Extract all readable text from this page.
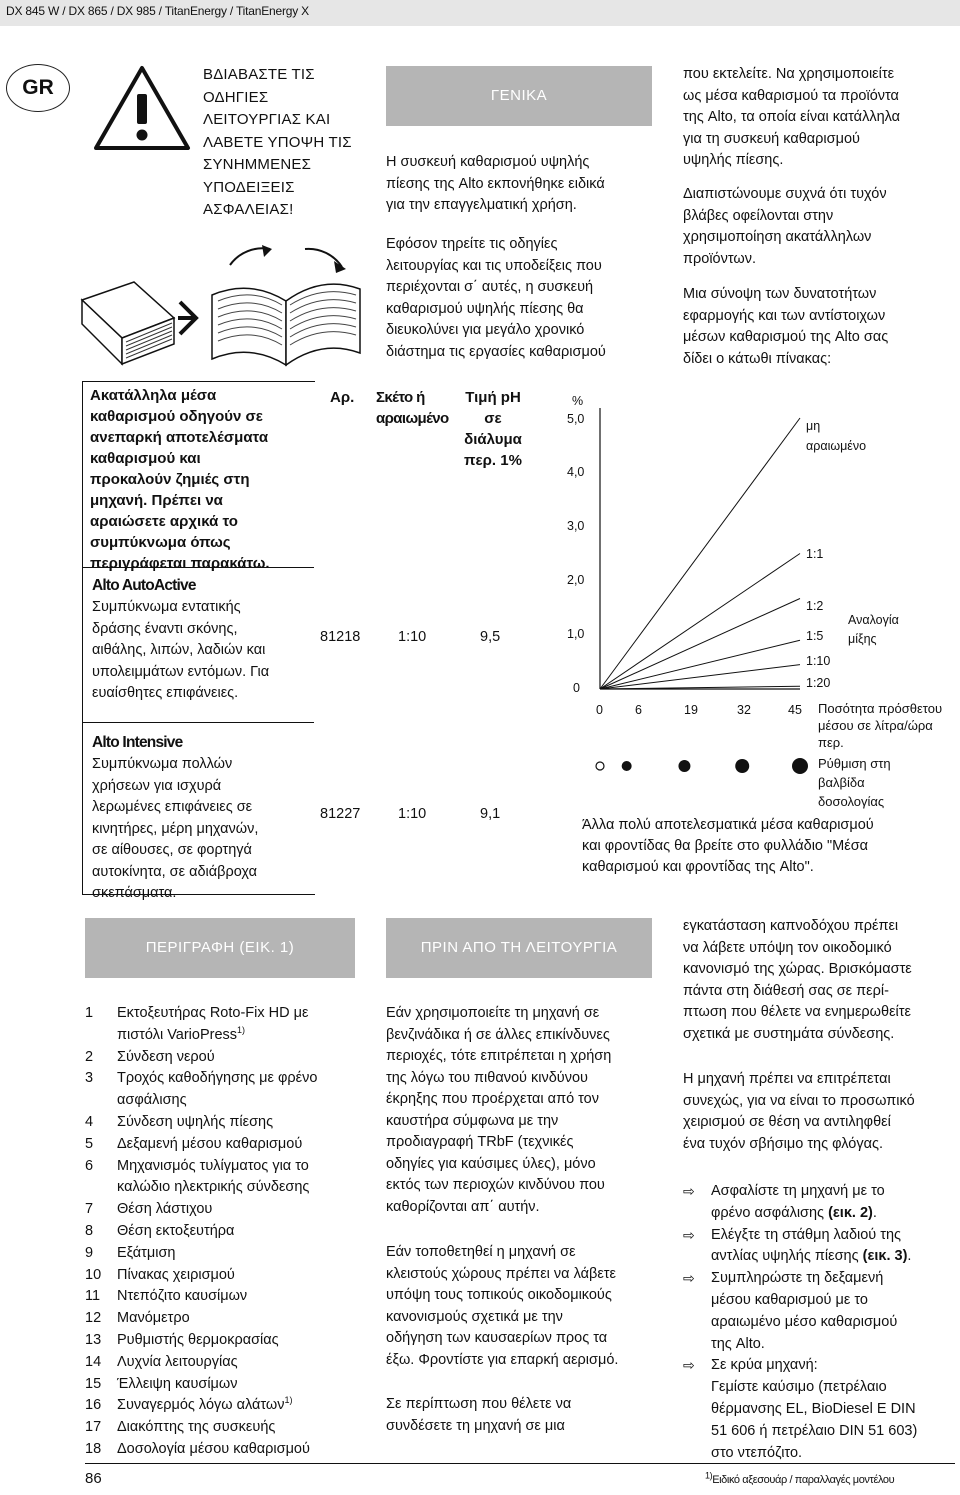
DX 845 W / DX 865 / DX 985 / TitanEnergy / TitanEnergy X
GR
ΒΔΙΑΒΑΣΤΕ ΤΙΣ ΟΔΗΓΙΕΣ ΛΕΙΤΟΥΡΓΙΑΣ ΚΑΙ ΛΑΒΕΤΕ ΥΠΟΨΗ ΤΙΣ ΣΥΝΗΜΜΕΝΕΣ ΥΠΟΔΕΙΞΕΙΣ ΑΣΦΑΛΕΙΑΣ!
ΓΕΝΙΚΑ

Η συσκευή καθαρισμού υψηλής
πίεσης της Alto εκπονήθηκε ειδικά
για την επαγγελματική χρήση.

Εφόσον τηρείτε τις οδηγίες
λειτουργίας και τις υποδείξεις που
περιέχονται σ΄ αυτές, η συσκευή
καθαρισμού υψηλής πίεσης θα
διευκολύνει για μεγάλο χρονικό
διάστημα τις εργασίες καθαρισμού

που εκτελείτε. Να χρησιμοποιείτε
ως μέσα καθαρισμού τα προϊόντα
της Alto, τα οποία είναι κατάλληλα
για τη συσκευή καθαρισμού
υψηλής πίεσης.

Διαπιστώνουμε συχνά ότι τυχόν
βλάβες οφείλονται στην
χρησιμοποίηση ακατάλληλων
προϊόντων.

Μια σύνοψη των δυνατοτήτων
εφαρμογής και των αντίστοιχων
μέσων καθαρισμού της Alto σας
δίδει ο κάτωθι πίνακας:

Ακατάλληλα μέσα
καθαρισμού οδηγούν σε
ανεπαρκή αποτελέσματα
καθαρισμού και
προκαλούν ζημιές στη
μηχανή. Πρέπει να
αραιώσετε αρχικά το
συμπύκνωμα όπως
περιγράφεται παρακάτω.

Αρ. Σκέτο ή
αραιωμένο

Τιμή pH
σε
διάλυμα
περ. 1%

Alto AutoActive

Συμπύκνωμα εντατικής
δράσης έναντι σκόνης,
αιθάλης, λιπών, λαδιών και
υπολειμμάτων εντόμων. Για
ευαίσθητες επιφάνειες.

81218	1:10	9,5
Alto Intensive

Συμπύκνωμα πολλών
χρήσεων για ισχυρά
λερωμένες επιφάνειες σε
κινητήρες, μέρη μηχανών,
σε αίθουσες, σε φορτηγά
αυτοκίνητα, σε αδιάβροχα
σκεπάσματα.

81227	1:10	9,1
%
5,0
4,0
3,0
2,0
1,0
0
0	6	19	32	45
μη αραιωμένο
1:1
1:2
1:5
1:10
1:20

Αναλογία
μίξης

Ποσότητα πρόσθετου μέσου σε λίτρα/ώρα περ.
Ρύθμιση στη βαλβίδα δοσολογίας

Άλλα πολύ αποτελεσματικά μέσα καθαρισμού
και φροντίδας θα βρείτε στο φυλλάδιο "Μέσα
καθαρισμού και φροντίδας της Alto".

ΠΕΡΙΓΡΑΦΗ (ΕΙΚ. 1)
1 Εκτοξευτήρας Roto-Fix HD με
πιστόλι VarioPress$^{1)}$
2 Σύνδεση νερού
3 Τροχός καθοδήγησης με φρένο
ασφάλισης
4 Σύνδεση υψηλής πίεσης
5 Δεξαμενή μέσου καθαρισμού
6 Μηχανισμός τυλίγματος για το
καλώδιο ηλεκτρικής σύνδεσης
7 Θέση λάστιχου
8 Θέση εκτοξευτήρα
9 Εξάτμιση
10 Πίνακας χειρισμού
11 Ντεπόζιτο καυσίμων
12 Μανόμετρο
13 Ρυθμιστής θερμοκρασίας
14 Λυχνία λειτουργίας
15 Έλλειψη καυσίμων
16 Συναγερμός λόγω αλάτων$^{1)}$
17 Διακόπτης της συσκευής
18 Δοσολογία μέσου καθαρισμού
ΠΡΙΝ ΑΠΟ ΤΗ ΛΕΙΤΟΥΡΓΙΑ

Εάν χρησιμοποιείτε τη μηχανή σε
βενζινάδικα ή σε άλλες επικίνδυνες
περιοχές, τότε επιτρέπεται η χρήση
της λόγω του πιθανού κινδύνου
έκρηξης που προέρχεται από τον
καυστήρα σύμφωνα με την
προδιαγραφή TRbF (τεχνικές
οδηγίες για καύσιμες ύλες), μόνο
εκτός των περιοχών κινδύνου που
καθορίζονται απ΄ αυτήν.

Εάν τοποθετηθεί η μηχανή σε
κλειστούς χώρους πρέπει να λάβετε
υπόψη τους τοπικούς οικοδομικούς
κανονισμούς σχετικά με την
οδήγηση των καυσαερίων προς τα
έξω. Φροντίστε για επαρκή αερισμό.

Σε περίπτωση που θέλετε να
συνδέσετε τη μηχανή σε μια

εγκατάσταση καπνοδόχου πρέπει
να λάβετε υπόψη τον οικοδομικό
κανονισμό της χώρας. Βρισκόμαστε
πάντα στη διάθεσή σας σε περί-
πτωση που θέλετε να ενημερωθείτε
σχετικά με συστημάτα σύνδεσης.

Η μηχανή πρέπει να επιτρέπεται
συνεχώς, για να είναι το προσωπικό
χειρισμού σε θέση να αντιληφθεί
ένα τυχόν σβήσιμο της φλόγας.

⇨ Ασφαλίστε τη μηχανή με το
φρένο ασφάλισης (εικ. 2).
⇨ Ελέγξτε τη στάθμη λαδιού της
αντλίας υψηλής πίεσης (εικ. 3).
⇨ Συμπληρώστε τη δεξαμενή
μέσου καθαρισμού με το
αραιωμένο μέσο καθαρισμού
της Alto.
⇨ Σε κρύα μηχανή:
Γεμίστε καύσιμο (πετρέλαιο
θέρμανσης EL, BioDiesel E DIN
51 606 ή πετρέλαιο DIN 51 603)
στο ντεπόζιτο.
86	$^{1)}$Ειδικό αξεσουάρ / παραλλαγές μοντέλου
